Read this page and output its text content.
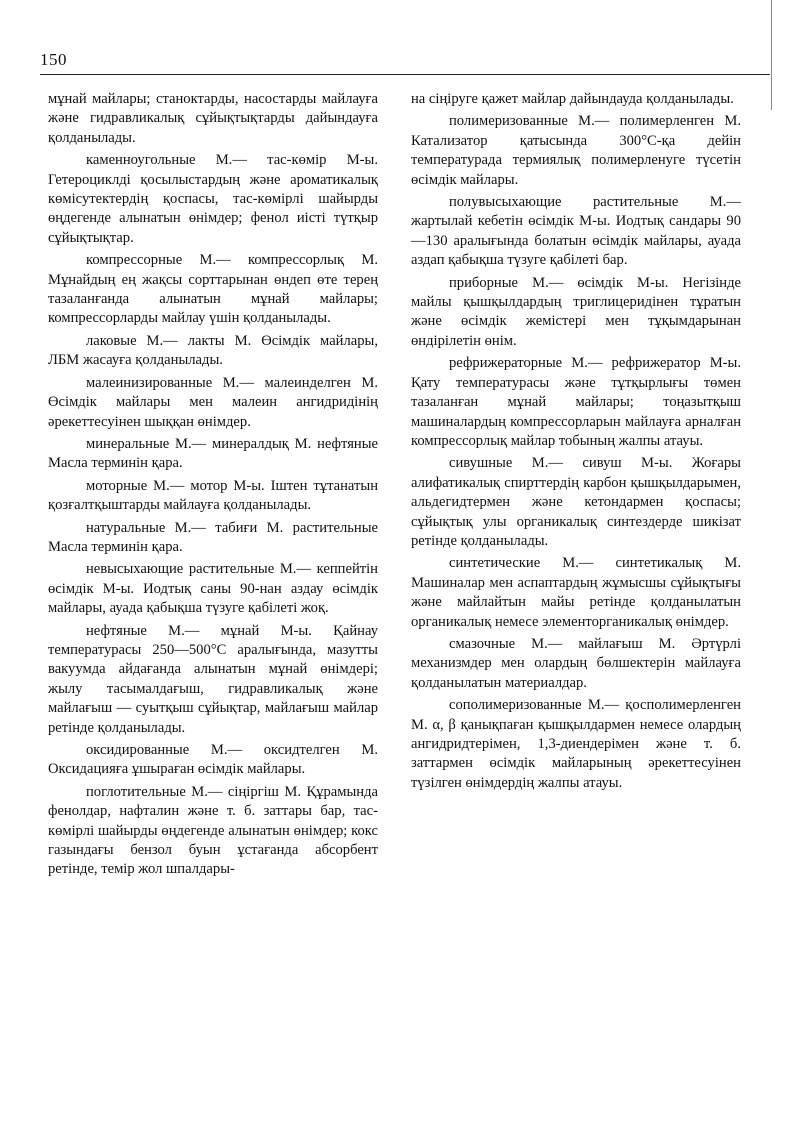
150

мұнай майлары; станоктарды, насостарды майлауға және гидравликалық сұйықтықтарды дайындауға қолданылады.

каменноугольные М.— тас-көмір М-ы. Гетероциклді қосылыстардың және ароматикалық көмісутектердің қоспасы, тас-көмірлі шайырды өңдегенде алынатын өнімдер; фенол иісті түтқыр сұйықтықтар.

компрессорные М.— компрессорлық М. Мұнайдың ең жақсы сорттарынан өндеп өте терең тазаланғанда алынатын мұнай майлары; компрессорларды майлау үшін қолданылады.

лаковые М.— лакты М. Өсімдік майлары, ЛБМ жасауға қолданылады.

малеинизированные М.— малеинделген М. Өсімдік майлары мен малеин ангидридінің әрекеттесуінен шыққан өнімдер.

минеральные М.— минералдық М. нефтяные Масла терминін қара.

моторные М.— мотор М-ы. Іштен тұтанатын қозғалтқыштарды майлауға қолданылады.

натуральные М.— табиғи М. растительные Масла терминін қара.

невысыхающие растительные М.— кеппейтін өсімдік М-ы. Иодтық саны 90-нан аздау өсімдік майлары, ауада қабықша түзуге қабілеті жоқ.

нефтяные М.— мұнай М-ы. Қайнау температурасы 250—500°С аралығында, мазутты вакуумда айдағанда алынатын мұнай өнімдері; жылу тасымалдағыш, гидравликалық және майлағыш — суытқыш сұйықтар, майлағыш майлар ретінде қолданылады.

оксидированные М.— оксидтелген М. Оксидацияға ұшыраған өсімдік майлары.

поглотительные М.— сіңіргіш М. Құрамында фенолдар, нафталин және т. б. заттары бар, тас-көмірлі шайырды өңдегенде алынатын өнімдер; кокс газындағы бензол буын ұстағанда абсорбент ретінде, темір жол шпалдары-

на сіңіруге қажет майлар дайындауда қолданылады.

полимеризованные М.— полимерленген М. Катализатор қатысында 300°С-қа дейін температурада термиялық полимерленуге түсетін өсімдік майлары.

полувысыхающие растительные М.— жартылай кебетін өсімдік М-ы. Иодтық сандары 90—130 аралығында болатын өсімдік майлары, ауада аздап қабықша түзуге қабілеті бар.

приборные М.— өсімдік М-ы. Негізінде майлы қышқылдардың триглицеридінен тұратын және өсімдік жемістері мен тұқымдарынан өндірілетін өнім.

рефрижераторные М.— рефрижератор М-ы. Қату температурасы және тұтқырлығы төмен тазаланған мұнай майлары; тоңазытқыш машиналардың компрессорларын майлауға арналған компрессорлық майлар тобының жалпы атауы.

сивушные М.— сивуш М-ы. Жоғары алифатикалық спирттердің карбон қышқылдарымен, альдегидтермен және кетондармен қоспасы; сұйықтық улы органикалық синтездерде шикізат ретінде қолданылады.

синтетические М.— синтетикалық М. Машиналар мен аспаптардың жұмысшы сұйықтығы және майлайтын майы ретінде қолданылатын органикалық немесе элементорганикалық өнімдер.

смазочные М.— майлағыш М. Әртүрлі механизмдер мен олардың бөлшектерін майлауға қолданылатын материалдар.

сополимеризованные М.— қосполимерленген М. α, β қанықпаған қышқылдармен немесе олардың ангидридтерімен, 1,3-диендерімен және т. б. заттармен өсімдік майларының әрекеттесуінен түзілген өнімдердің жалпы атауы.
